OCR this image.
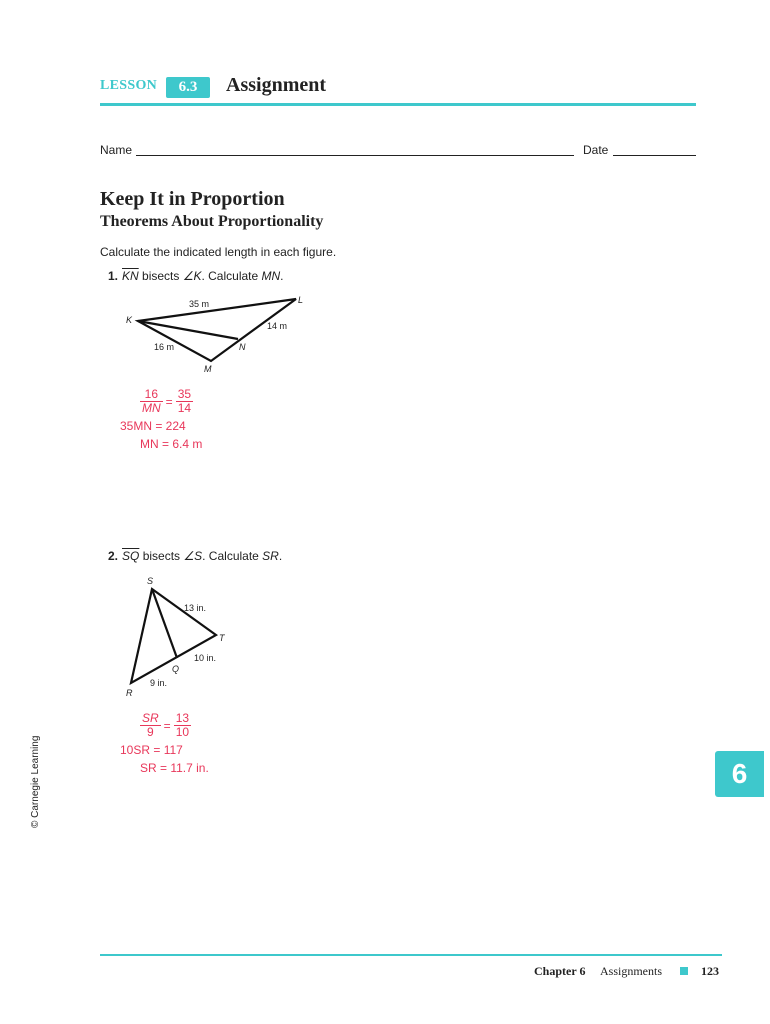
LESSON	6.3	Assignment
Name	Date
Keep It in Proportion
Theorems About Proportionality
Calculate the indicated length in each figure.
1. $\overline{KN}$ bisects ∠K. Calculate MN.
K
L
M
N
35 m
14 m
16 m
$\frac{16}{MN} = \frac{35}{14}$
35MN = 224
MN = 6.4 m
2. $\overline{SQ}$ bisects ∠S. Calculate SR.
S
T
Q
R
13 in.
10 in.
9 in.
$\frac{SR}{9} = \frac{13}{10}$
10SR = 117
SR = 11.7 in.
© Carnegie Learning	6
Chapter 6 Assignments	123
